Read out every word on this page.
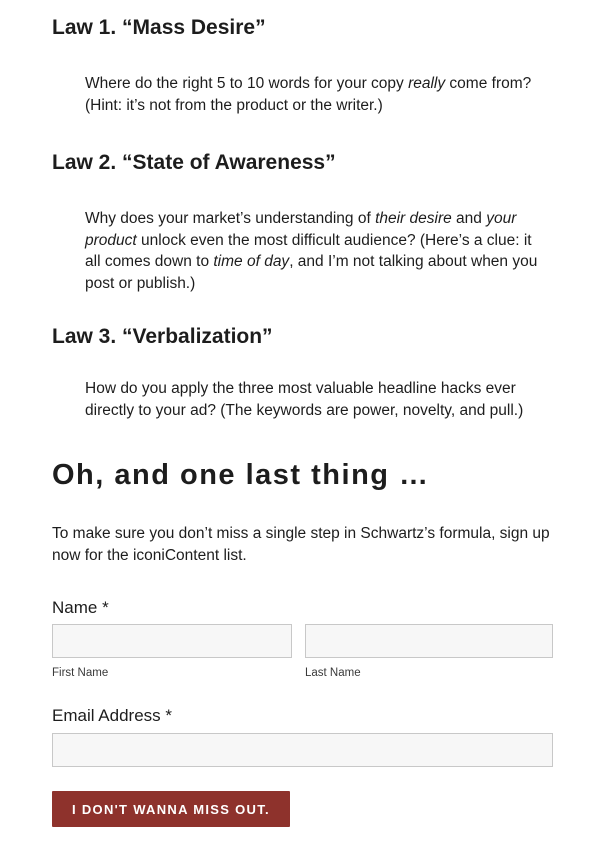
Law 1. “Mass Desire”

Where do the right 5 to 10 words for your copy really come from? (Hint: it’s not from the product or the writer.)

Law 2. “State of Awareness”

Why does your market’s understanding of their desire and your product unlock even the most difficult audience? (Here’s a clue: it all comes down to time of day, and I’m not talking about when you post or publish.)

Law 3. “Verbalization”

How do you apply the three most valuable headline hacks ever directly to your ad? (The keywords are power, novelty, and pull.)

Oh, and one last thing …

To make sure you don’t miss a single step in Schwartz’s formula, sign up now for the iconiContent list.

Name *
First Name	Last Name
Email Address *
I DON'T WANNA MISS OUT.
